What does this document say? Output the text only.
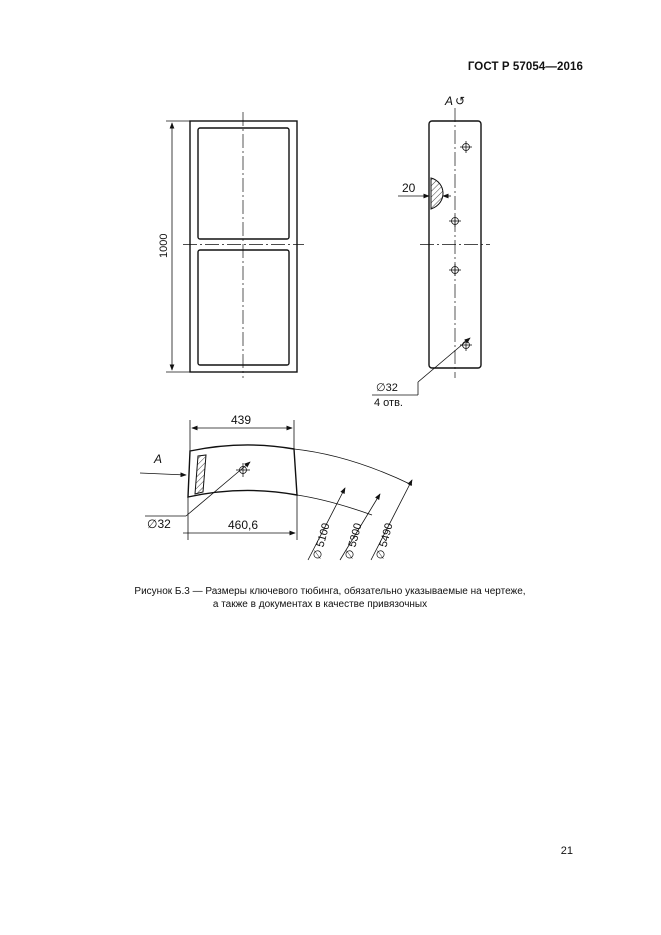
ГОСТ Р 57054—2016
1000
А ↺
20
∅32
4 отв.
А
439
460,6
∅32	∅ 5100 ∅ 5300 ∅ 5490
Рисунок Б.3 — Размеры ключевого тюбинга, обязательно указываемые на чертеже,
а также в документах в качестве привязочных
21
